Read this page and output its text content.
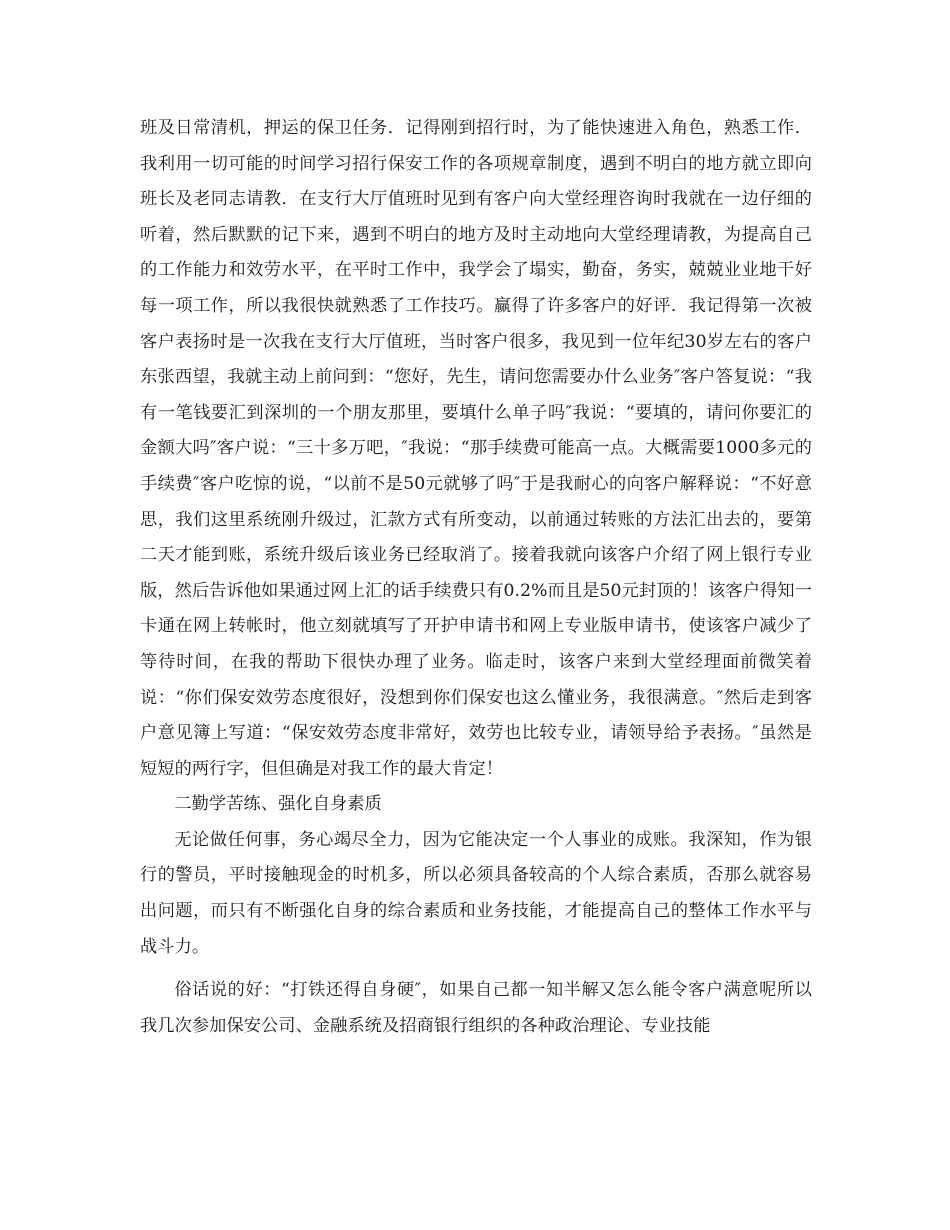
班及日常清机，押运的保卫任务．记得刚到招行时，为了能快速进入角色，熟悉工作．我利用一切可能的时间学习招行保安工作的各项规章制度，遇到不明白的地方就立即向班长及老同志请教．在支行大厅值班时见到有客户向大堂经理咨询时我就在一边仔细的听着，然后默默的记下来，遇到不明白的地方及时主动地向大堂经理请教，为提高自己的工作能力和效劳水平，在平时工作中，我学会了塌实，勤奋，务实，兢兢业业地干好每一项工作，所以我很快就熟悉了工作技巧。赢得了许多客户的好评．我记得第一次被客户表扬时是一次我在支行大厅值班，当时客户很多，我见到一位年纪30岁左右的客户东张西望，我就主动上前问到：“您好，先生，请问您需要办什么业务″客户答复说：“我有一笔钱要汇到深圳的一个朋友那里，要填什么单子吗″我说：“要填的，请问你要汇的金额大吗″客户说：“三十多万吧，″我说：“那手续费可能高一点。大概需要1000多元的手续费″客户吃惊的说，“以前不是50元就够了吗″于是我耐心的向客户解释说：“不好意思，我们这里系统刚升级过，汇款方式有所变动，以前通过转账的方法汇出去的，要第二天才能到账，系统升级后该业务已经取消了。接着我就向该客户介绍了网上银行专业版，然后告诉他如果通过网上汇的话手续费只有0.2%而且是50元封顶的！该客户得知一卡通在网上转帐时，他立刻就填写了开护申请书和网上专业版申请书，使该客户减少了等待时间，在我的帮助下很快办理了业务。临走时，该客户来到大堂经理面前微笑着说：“你们保安效劳态度很好，没想到你们保安也这么懂业务，我很满意。″然后走到客户意见簿上写道：“保安效劳态度非常好，效劳也比较专业，请领导给予表扬。″虽然是短短的两行字，但但确是对我工作的最大肯定！

二勤学苦练、强化自身素质

无论做任何事，务心竭尽全力，因为它能决定一个人事业的成账。我深知，作为银行的警员，平时接触现金的时机多，所以必须具备较高的个人综合素质，否那么就容易出问题，而只有不断强化自身的综合素质和业务技能，才能提高自己的整体工作水平与战斗力。

俗话说的好：“打铁还得自身硬″，如果自己都一知半解又怎么能令客户满意呢所以我几次参加保安公司、金融系统及招商银行组织的各种政治理论、专业技能
